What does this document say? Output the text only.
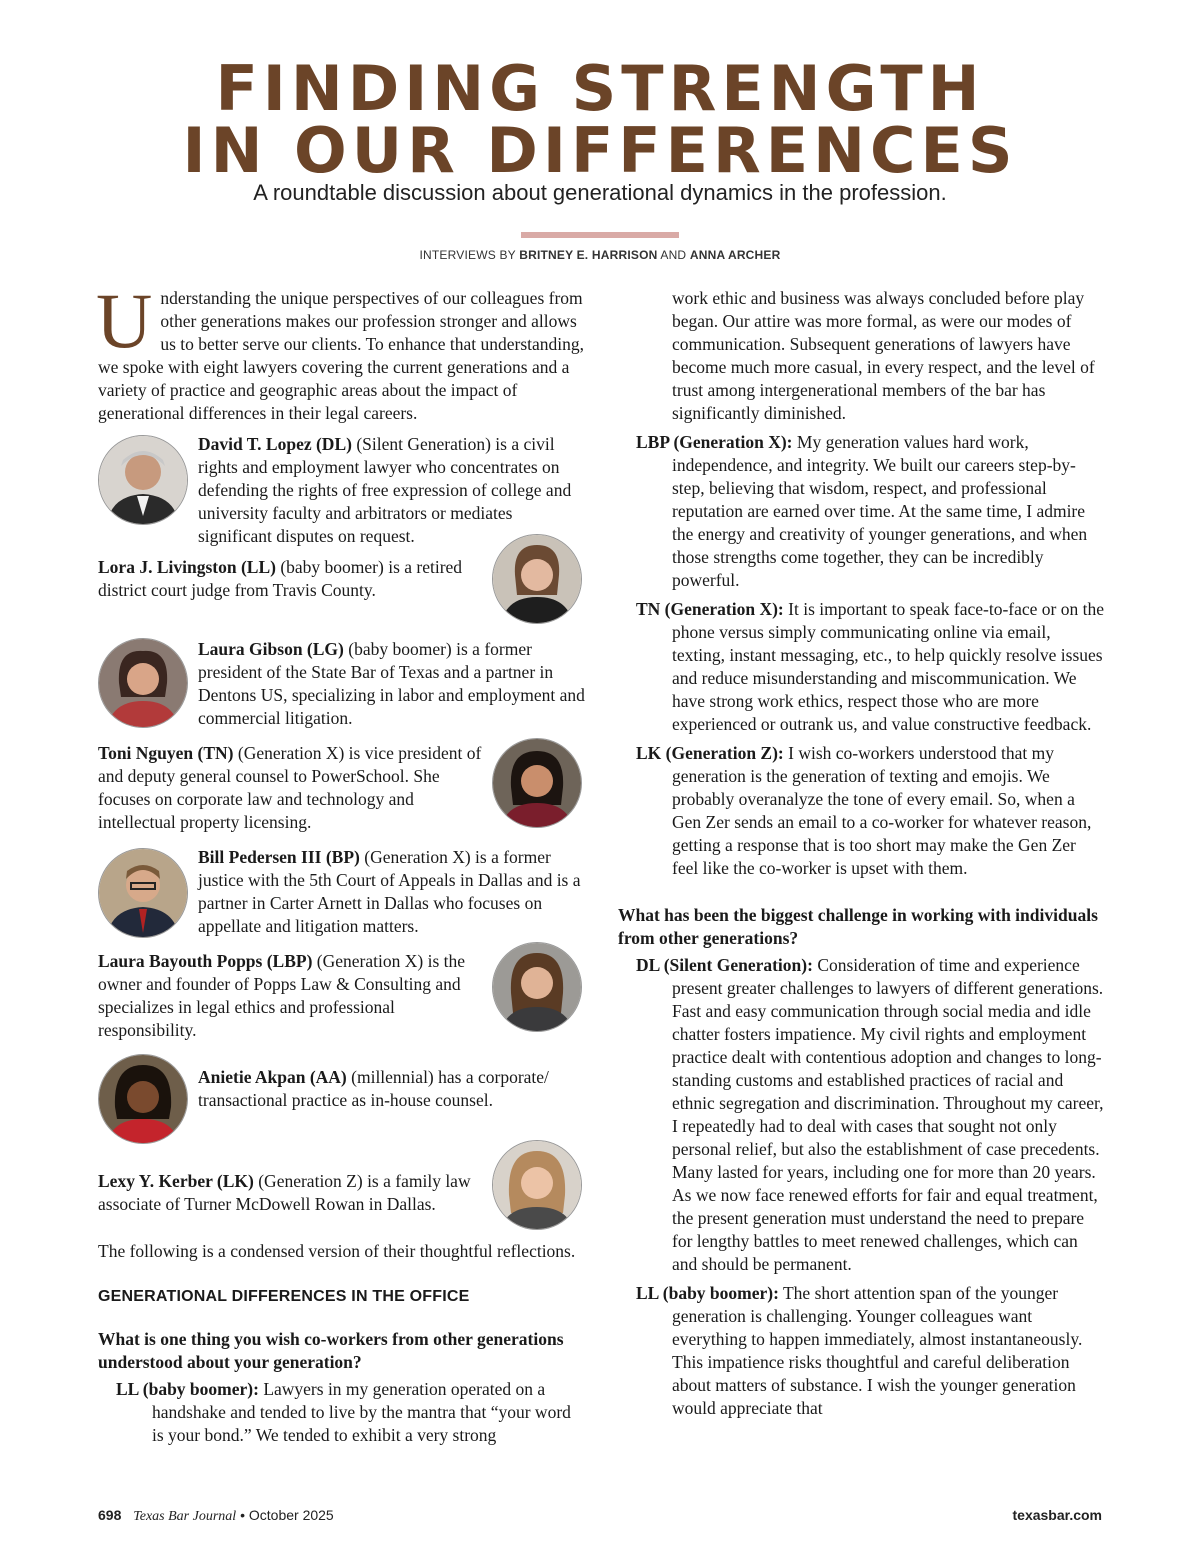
FINDING STRENGTH
IN OUR DIFFERENCES
A roundtable discussion about generational dynamics in the profession.
INTERVIEWS BY BRITNEY E. HARRISON AND ANNA ARCHER

Understanding the unique perspectives of our colleagues from other generations makes our profession stronger and allows us to better serve our clients. To enhance that understanding, we spoke with eight lawyers covering the current generations and a variety of practice and geographic areas about the impact of generational differences in their legal careers.

David T. Lopez (DL) (Silent Generation) is a civil rights and employment lawyer who concentrates on defending the rights of free expression of college and university faculty and arbitrators or mediates significant disputes on request.
Lora J. Livingston (LL) (baby boomer) is a retired district court judge from Travis County.
Laura Gibson (LG) (baby boomer) is a former president of the State Bar of Texas and a partner in Dentons US, specializing in labor and employment and commercial litigation.
Toni Nguyen (TN) (Generation X) is vice president of and deputy general counsel to PowerSchool. She focuses on corporate law and technology and intellectual property licensing.
Bill Pedersen III (BP) (Generation X) is a former justice with the 5th Court of Appeals in Dallas and is a partner in Carter Arnett in Dallas who focuses on appellate and litigation matters.
Laura Bayouth Popps (LBP) (Generation X) is the owner and founder of Popps Law & Consulting and specializes in legal ethics and professional responsibility.
Anietie Akpan (AA) (millennial) has a corporate/ transactional practice as in-house counsel.
Lexy Y. Kerber (LK) (Generation Z) is a family law associate of Turner McDowell Rowan in Dallas.

The following is a condensed version of their thoughtful reflections.

GENERATIONAL DIFFERENCES IN THE OFFICE

What is one thing you wish co-workers from other generations understood about your generation?

LL (baby boomer): Lawyers in my generation operated on a handshake and tended to live by the mantra that “your word is your bond.” We tended to exhibit a very strong

work ethic and business was always concluded before play began. Our attire was more formal, as were our modes of communication. Subsequent generations of lawyers have become much more casual, in every respect, and the level of trust among intergenerational members of the bar has significantly diminished.

LBP (Generation X): My generation values hard work, independence, and integrity. We built our careers step-by-step, believing that wisdom, respect, and professional reputation are earned over time. At the same time, I admire the energy and creativity of younger generations, and when those strengths come together, they can be incredibly powerful.

TN (Generation X): It is important to speak face-to-face or on the phone versus simply communicating online via email, texting, instant messaging, etc., to help quickly resolve issues and reduce misunderstanding and miscommunication. We have strong work ethics, respect those who are more experienced or outrank us, and value constructive feedback.

LK (Generation Z): I wish co-workers understood that my generation is the generation of texting and emojis. We probably overanalyze the tone of every email. So, when a Gen Zer sends an email to a co-worker for whatever reason, getting a response that is too short may make the Gen Zer feel like the co-worker is upset with them.

What has been the biggest challenge in working with individuals from other generations?

DL (Silent Generation): Consideration of time and experience present greater challenges to lawyers of different generations. Fast and easy communication through social media and idle chatter fosters impatience. My civil rights and employment practice dealt with contentious adoption and changes to long-standing customs and established practices of racial and ethnic segregation and discrimination. Throughout my career, I repeatedly had to deal with cases that sought not only personal relief, but also the establishment of case precedents. Many lasted for years, including one for more than 20 years. As we now face renewed efforts for fair and equal treatment, the present generation must understand the need to prepare for lengthy battles to meet renewed challenges, which can and should be permanent.

LL (baby boomer): The short attention span of the younger generation is challenging. Younger colleagues want everything to happen immediately, almost instantaneously. This impatience risks thoughtful and careful deliberation about matters of substance. I wish the younger generation would appreciate that

698 Texas Bar Journal • October 2025	texasbar.com
